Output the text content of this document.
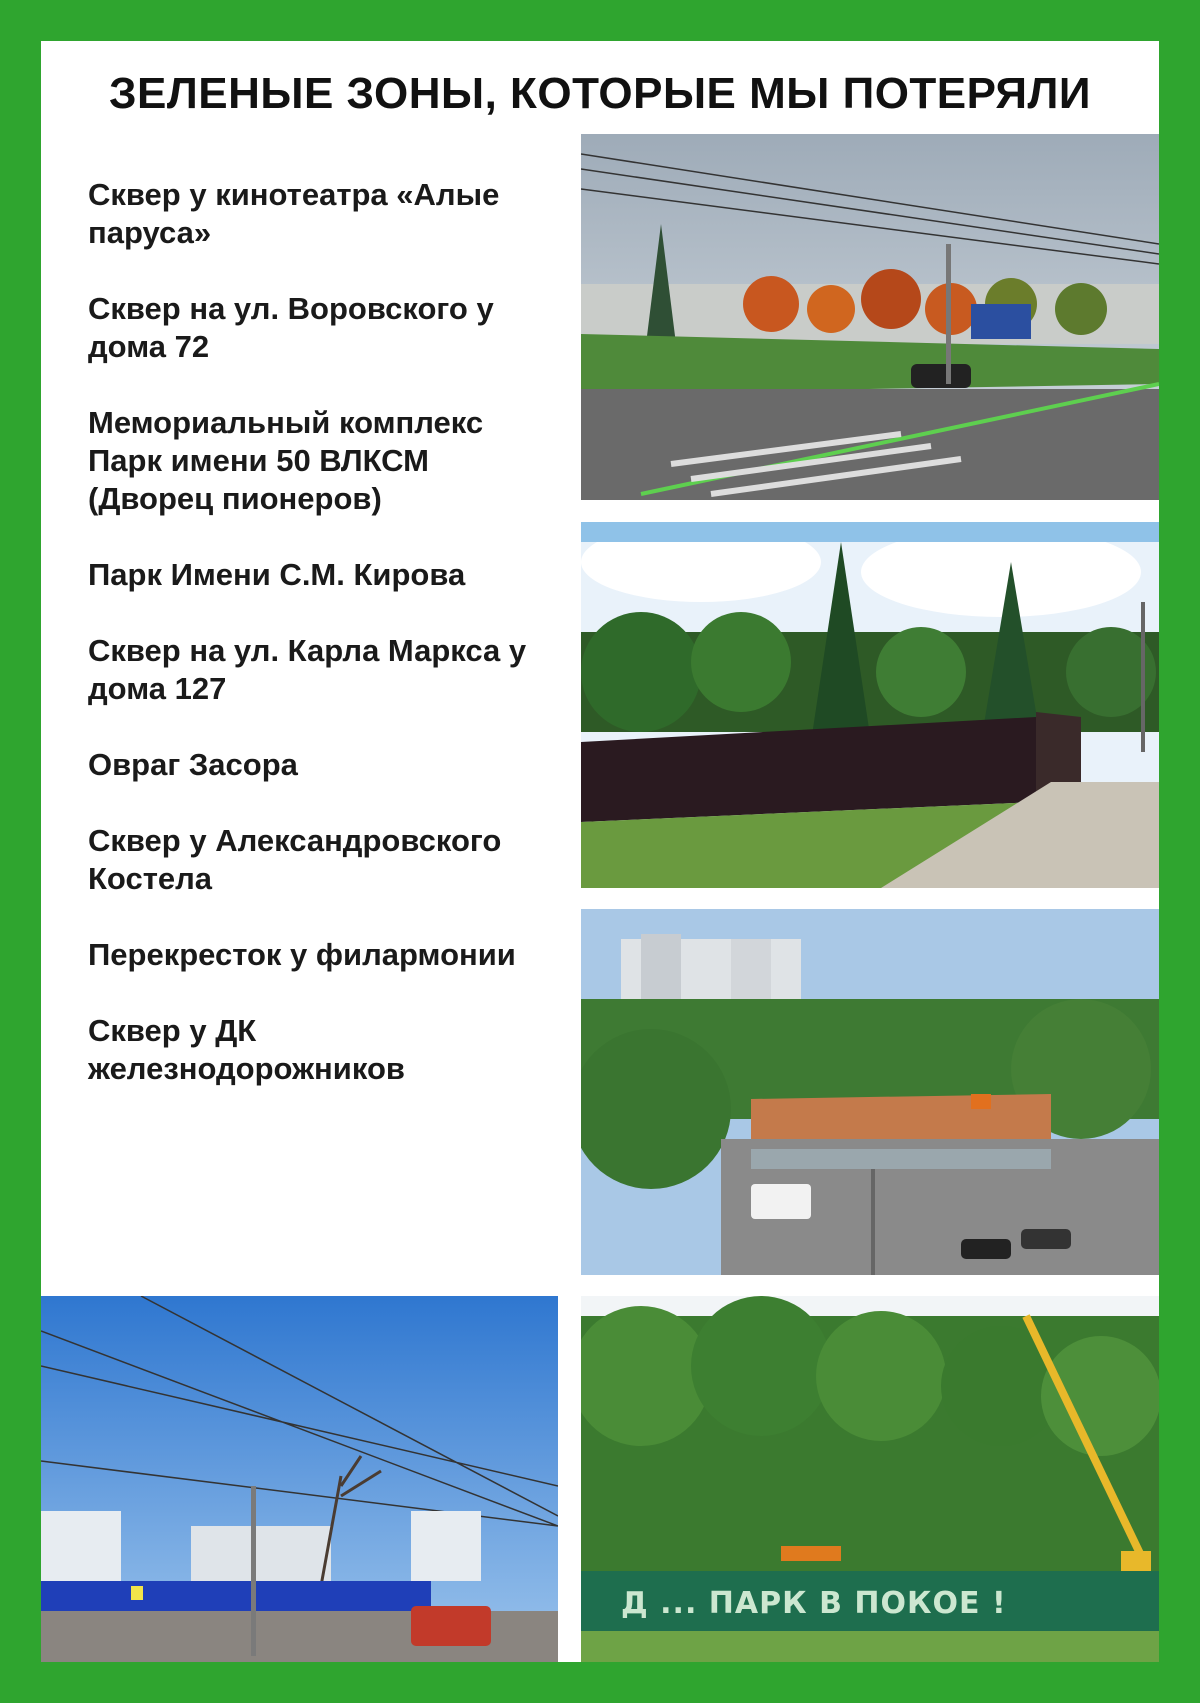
ЗЕЛЕНЫЕ ЗОНЫ, КОТОРЫЕ МЫ ПОТЕРЯЛИ
Сквер у кинотеатра «Алые паруса»
Сквер на ул. Воровского у дома 72
Мемориальный комплекс Парк имени 50 ВЛКСМ (Дворец пионеров)
Парк Имени С.М. Кирова
Сквер на ул. Карла Маркса у дома 127
Овраг Засора
Сквер у Александровского Костела
Перекресток у филармонии
Сквер у ДК железнодорожников
Д ... ПАРК В ПОКОЕ !
